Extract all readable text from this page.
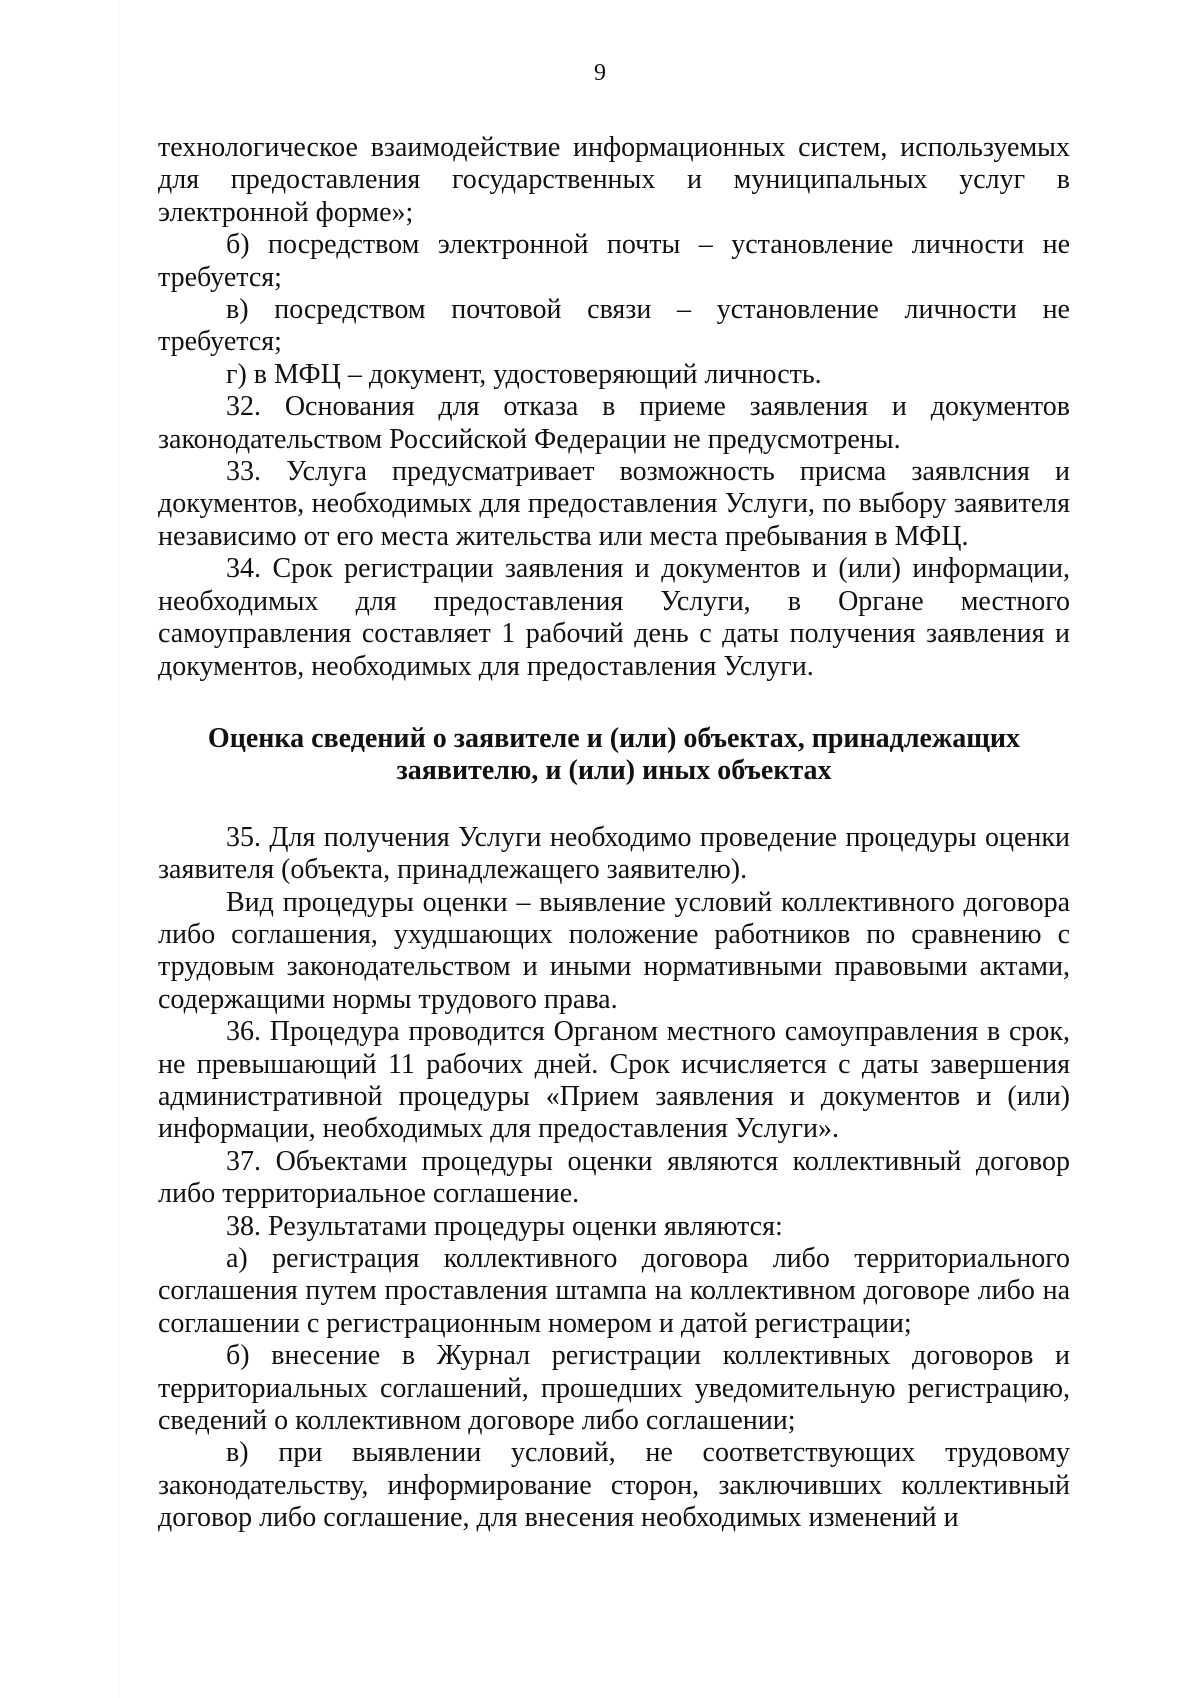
9

технологическое взаимодействие информационных систем, используемых для предоставления государственных и муниципальных услуг в электронной форме»;

б) посредством электронной почты – установление личности не требуется;

в) посредством почтовой связи – установление личности не требуется;

г) в МФЦ – документ, удостоверяющий личность.

32. Основания для отказа в приеме заявления и документов законодательством Российской Федерации не предусмотрены.

33. Услуга предусматривает возможность присма заявлсния и документов, необходимых для предоставления Услуги, по выбору заявителя независимо от его места жительства или места пребывания в МФЦ.

34. Срок регистрации заявления и документов и (или) информации, необходимых для предоставления Услуги, в Органе местного самоуправления составляет 1 рабочий день с даты получения заявления и документов, необходимых для предоставления Услуги.

Оценка сведений о заявителе и (или) объектах, принадлежащих заявителю, и (или) иных объектах

35. Для получения Услуги необходимо проведение процедуры оценки заявителя (объекта, принадлежащего заявителю).

Вид процедуры оценки – выявление условий коллективного договора либо соглашения, ухудшающих положение работников по сравнению с трудовым законодательством и иными нормативными правовыми актами, содержащими нормы трудового права.

36. Процедура проводится Органом местного самоуправления в срок, не превышающий 11 рабочих дней. Срок исчисляется с даты завершения административной процедуры «Прием заявления и документов и (или) информации, необходимых для предоставления Услуги».

37. Объектами процедуры оценки являются коллективный договор либо территориальное соглашение.

38. Результатами процедуры оценки являются:

а) регистрация коллективного договора либо территориального соглашения путем проставления штампа на коллективном договоре либо на соглашении с регистрационным номером и датой регистрации;

б) внесение в Журнал регистрации коллективных договоров и территориальных соглашений, прошедших уведомительную регистрацию, сведений о коллективном договоре либо соглашении;

в) при выявлении условий, не соответствующих трудовому законодательству, информирование сторон, заключивших коллективный договор либо соглашение, для внесения необходимых изменений и
